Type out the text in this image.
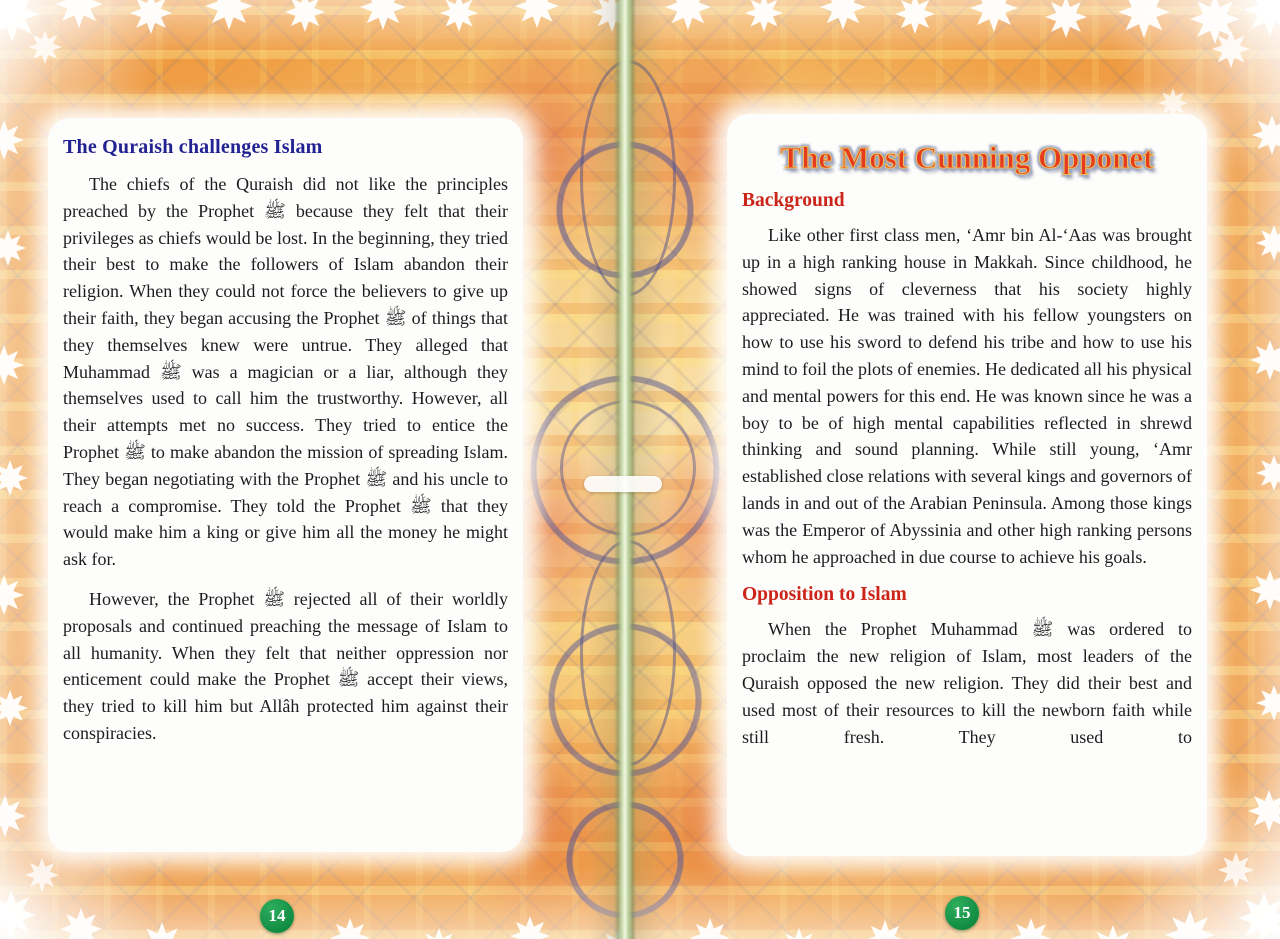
The Quraish challenges Islam

The chiefs of the Quraish did not like the principles preached by the Prophet ﷺ because they felt that their privileges as chiefs would be lost. In the beginning, they tried their best to make the followers of Islam abandon their religion. When they could not force the believers to give up their faith, they began accusing the Prophet ﷺ of things that they themselves knew were untrue. They alleged that Muhammad ﷺ was a magician or a liar, although they themselves used to call him the trustworthy. However, all their attempts met no success. They tried to entice the Prophet ﷺ to make abandon the mission of spreading Islam. They began negotiating with the Prophet ﷺ and his uncle to reach a compromise. They told the Prophet ﷺ that they would make him a king or give him all the money he might ask for.

However, the Prophet ﷺ rejected all of their worldly proposals and continued preaching the message of Islam to all humanity. When they felt that neither oppression nor enticement could make the Prophet ﷺ accept their views, they tried to kill him but Allâh protected him against their conspiracies.

The Most Cunning Opponet
Background

Like other first class men, ‘Amr bin Al-‘Aas was brought up in a high ranking house in Makkah. Since childhood, he showed signs of cleverness that his society highly appreciated. He was trained with his fellow youngsters on how to use his sword to defend his tribe and how to use his mind to foil the plots of enemies. He dedicated all his physical and mental powers for this end. He was known since he was a boy to be of high mental capabilities reflected in shrewd thinking and sound planning. While still young, ‘Amr established close relations with several kings and governors of lands in and out of the Arabian Peninsula. Among those kings was the Emperor of Abyssinia and other high ranking persons whom he approached in due course to achieve his goals.

Opposition to Islam

When the Prophet Muhammad ﷺ was ordered to proclaim the new religion of Islam, most leaders of the Quraish opposed the new religion. They did their best and used most of their resources to kill the newborn faith while still fresh. They used to

14	15
